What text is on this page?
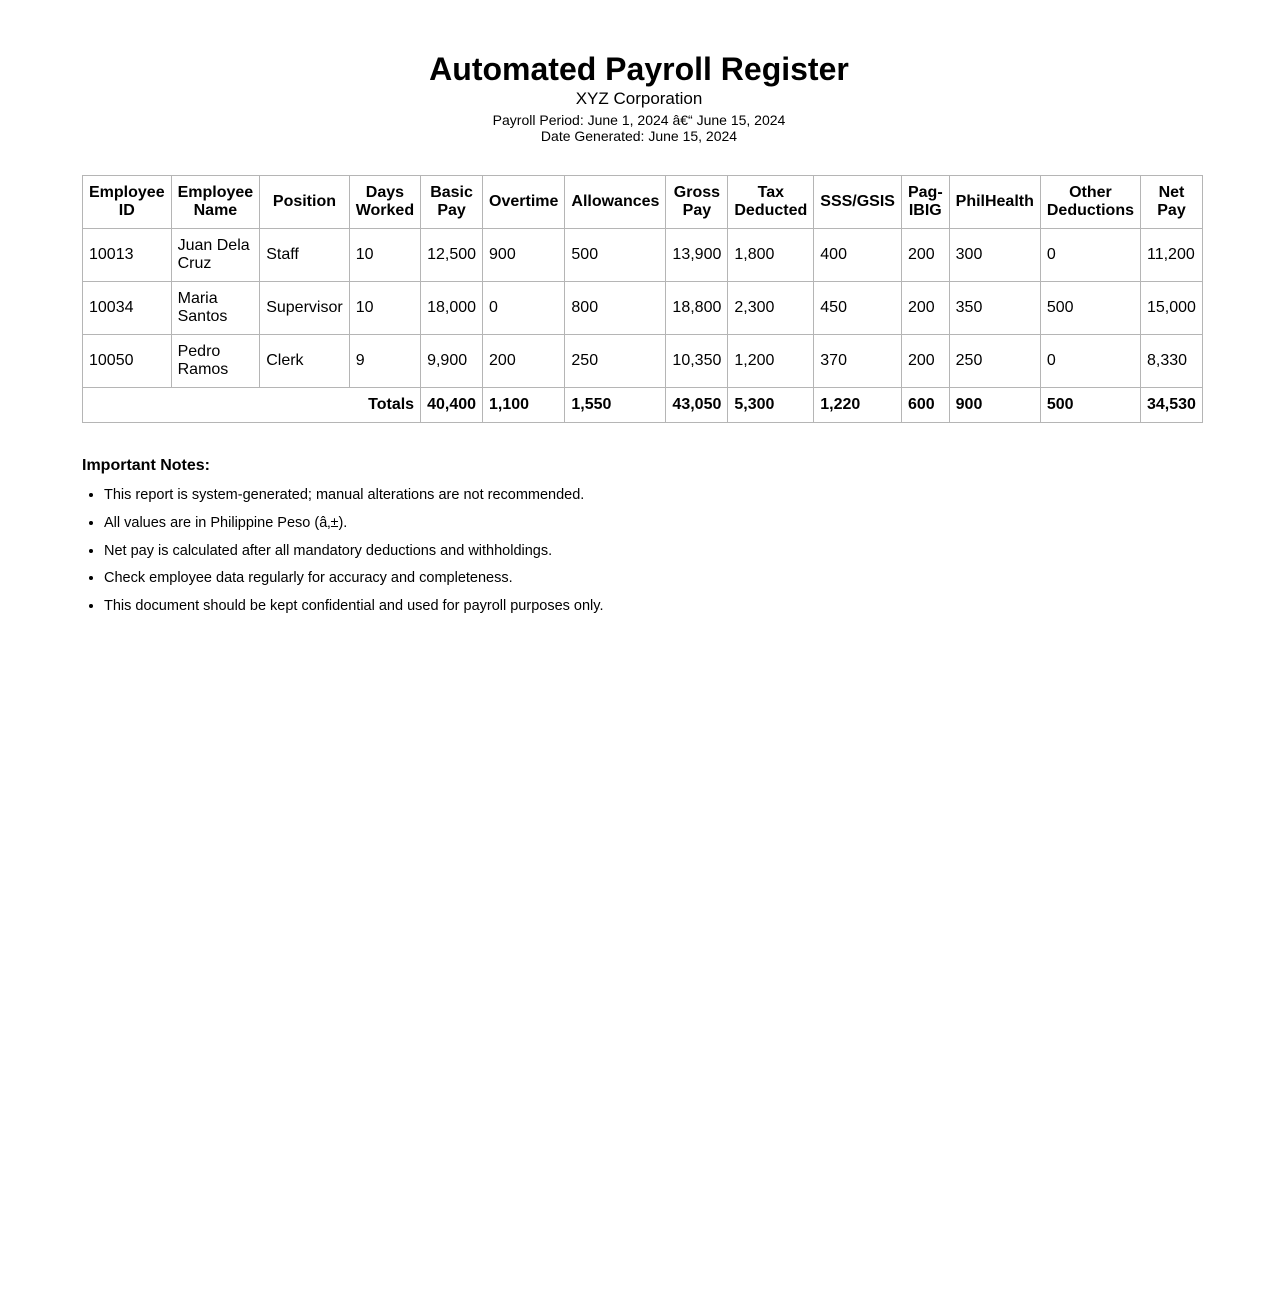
Automated Payroll Register
XYZ Corporation
Payroll Period: June 1, 2024 â€“ June 15, 2024
Date Generated: June 15, 2024
Employee ID	Employee Name	Position	Days Worked	Basic Pay	Overtime	Allowances	Gross Pay	Tax Deducted	SSS/GSIS	Pag-IBIG	PhilHealth	Other Deductions	Net Pay
10013	Juan Dela Cruz	Staff	10	12,500	900	500	13,900	1,800	400	200	300	0	11,200
10034	Maria Santos	Supervisor	10	18,000	0	800	18,800	2,300	450	200	350	500	15,000
10050	Pedro Ramos	Clerk	9	9,900	200	250	10,350	1,200	370	200	250	0	8,330
Totals				40,400	1,100	1,550	43,050	5,300	1,220	600	900	500	34,530
Important Notes:
• This report is system-generated; manual alterations are not recommended.
• All values are in Philippine Peso (â‚±).
• Net pay is calculated after all mandatory deductions and withholdings.
• Check employee data regularly for accuracy and completeness.
• This document should be kept confidential and used for payroll purposes only.
